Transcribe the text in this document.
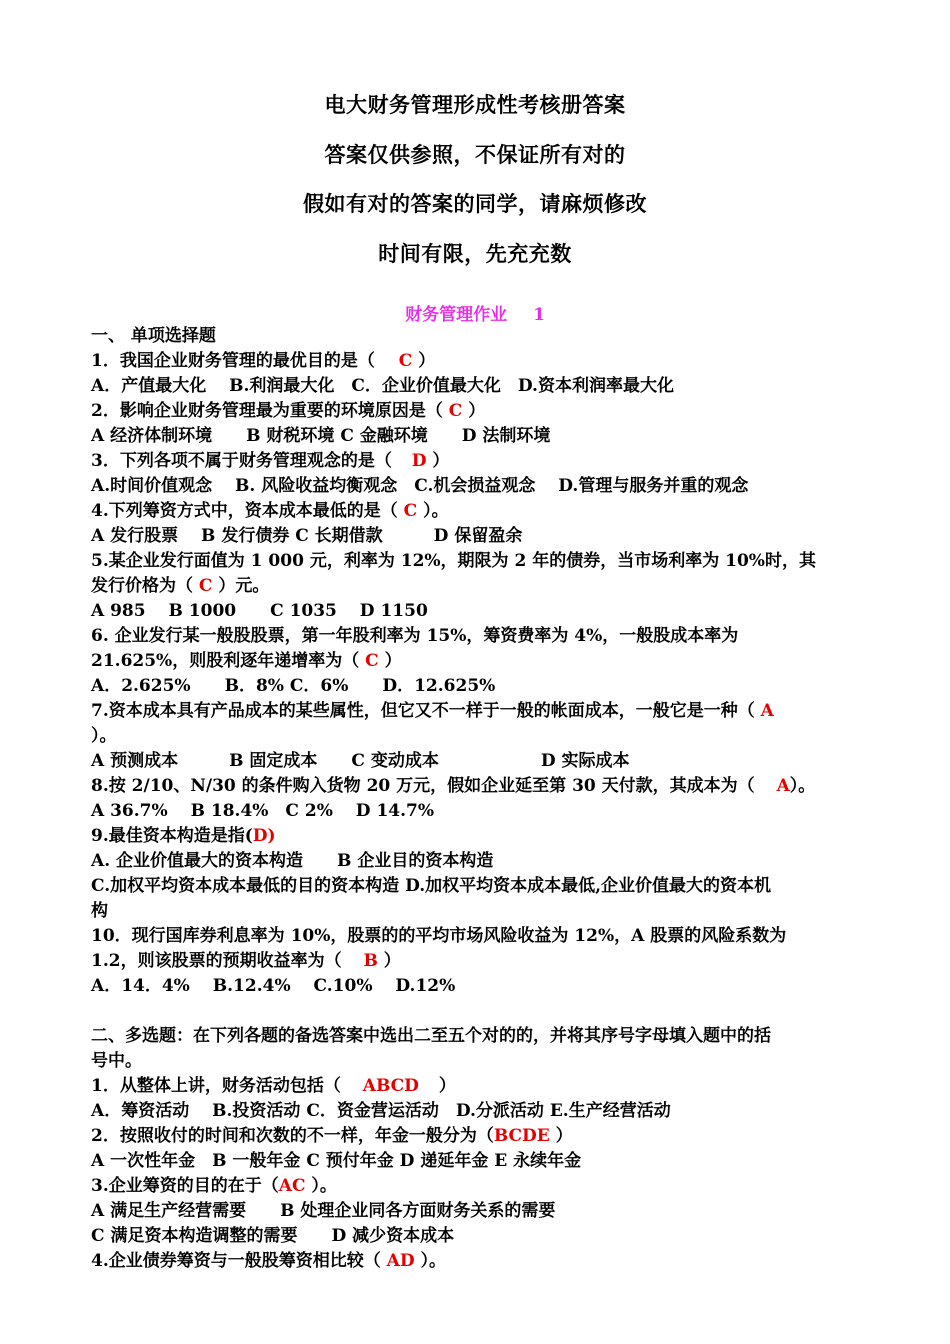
电大财务管理形成性考核册答案
答案仅供参照，不保证所有对的
假如有对的答案的同学，请麻烦修改
时间有限，先充充数
财务管理作业 1
一、 单项选择题
1．我国企业财务管理的最优目的是（ C ）
A．产值最大化　 B.利润最大化　C．企业价值最大化　D.资本利润率最大化
2．影响企业财务管理最为重要的环境原因是（ C ）
A 经济体制环境　　B 财税环境 C 金融环境　　D 法制环境
3．下列各项不属于财务管理观念的是（ D ）
A.时间价值观念　 B. 风险收益均衡观念　C.机会损益观念　 D.管理与服务并重的观念
4.下列筹资方式中，资本成本最低的是（ C ）。
A 发行股票　 B 发行债券 C 长期借款　　　D 保留盈余
5.某企业发行面值为 1 000 元，利率为 12%，期限为 2 年的债券，当市场利率为 10%时，其
发行价格为（ C ）元。
A 985　 B 1000　　C 1035　 D 1150
6. 企业发行某一般股股票，第一年股利率为 15%，筹资费率为 4%，一般股成本率为
21.625%，则股利逐年递增率为（ C ）
A．2.625%　　B．8% C．6%　　D．12.625%
7.资本成本具有产品成本的某些属性，但它又不一样于一般的帐面成本，一般它是一种（ A
）。
A 预测成本　　　B 固定成本　　C 变动成本　　　　　　D 实际成本
8.按 2/10、N/30 的条件购入货物 20 万元，假如企业延至第 30 天付款，其成本为（ A）。
A 36.7%　 B 18.4%　C 2%　 D 14.7%
9.最佳资本构造是指(D)
A. 企业价值最大的资本构造　　B 企业目的资本构造
C.加权平均资本成本最低的目的资本构造 D.加权平均资本成本最低,企业价值最大的资本机
构
10．现行国库券利息率为 10%，股票的的平均市场风险收益为 12%，A 股票的风险系数为
1.2，则该股票的预期收益率为（ B ）
A．14．4%　 B.12.4%　 C.10%　 D.12%
二、多选题：在下列各题的备选答案中选出二至五个对的的，并将其序号字母填入题中的括
号中。
1．从整体上讲，财务活动包括（ ABCD ）
A．筹资活动　 B.投资活动 C．资金营运活动　D.分派活动 E.生产经营活动
2．按照收付的时间和次数的不一样，年金一般分为（BCDE ）
A 一次性年金　B 一般年金 C 预付年金 D 递延年金 E 永续年金
3.企业筹资的目的在于（AC ）。
A 满足生产经营需要　　B 处理企业同各方面财务关系的需要
C 满足资本构造调整的需要　　D 减少资本成本
4.企业债券筹资与一般股筹资相比较（ AD ）。
